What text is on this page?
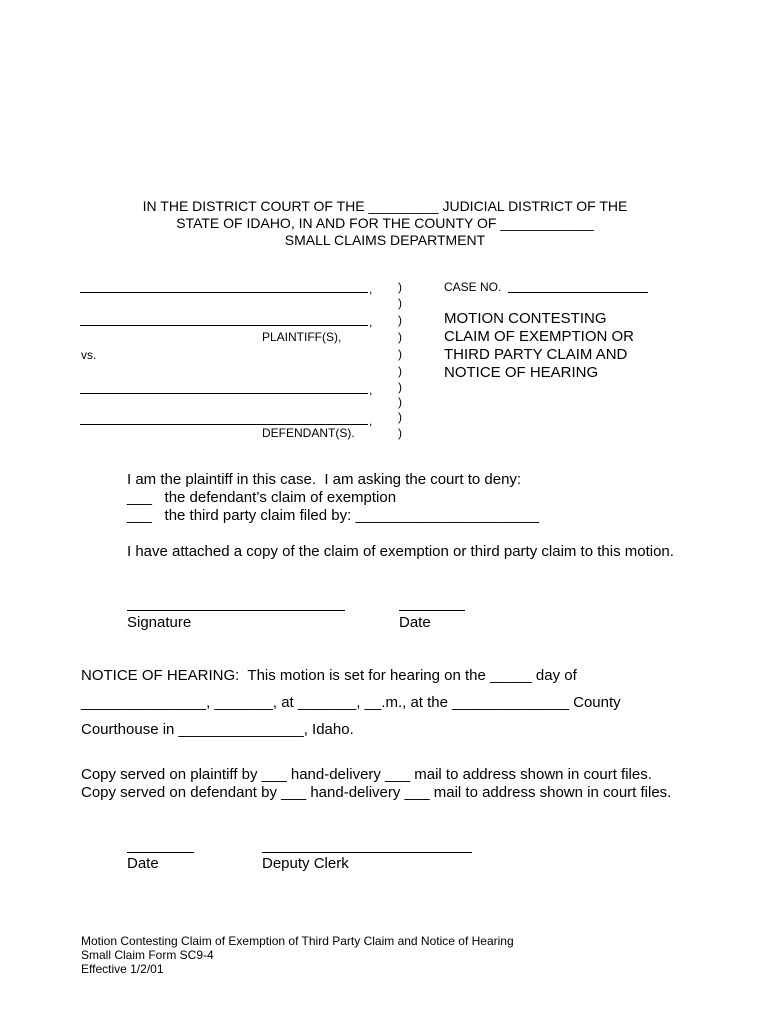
IN THE DISTRICT COURT OF THE _________ JUDICIAL DISTRICT OF THE
STATE OF IDAHO, IN AND FOR THE COUNTY OF ____________
SMALL CLAIMS DEPARTMENT
,
,
PLAINTIFF(S),
vs.
,
,
DEFENDANT(S).
)
)
)
)
)
)
)
)
)
)
CASE NO.
MOTION CONTESTING
CLAIM OF EXEMPTION OR
THIRD PARTY CLAIM AND
NOTICE OF HEARING
I am the plaintiff in this case.  I am asking the court to deny:
___   the defendant’s claim of exemption
___   the third party claim filed by: ______________________
I have attached a copy of the claim of exemption or third party claim to this motion.
Signature	Date
NOTICE OF HEARING:  This motion is set for hearing on the _____ day of
_______________, _______, at _______, __.m., at the ______________ County
Courthouse in _______________, Idaho.
Copy served on plaintiff by ___ hand-delivery ___ mail to address shown in court files.
Copy served on defendant by ___ hand-delivery ___ mail to address shown in court files.
Date	Deputy Clerk
Motion Contesting Claim of Exemption of Third Party Claim and Notice of Hearing
Small Claim Form SC9-4
Effective 1/2/01
